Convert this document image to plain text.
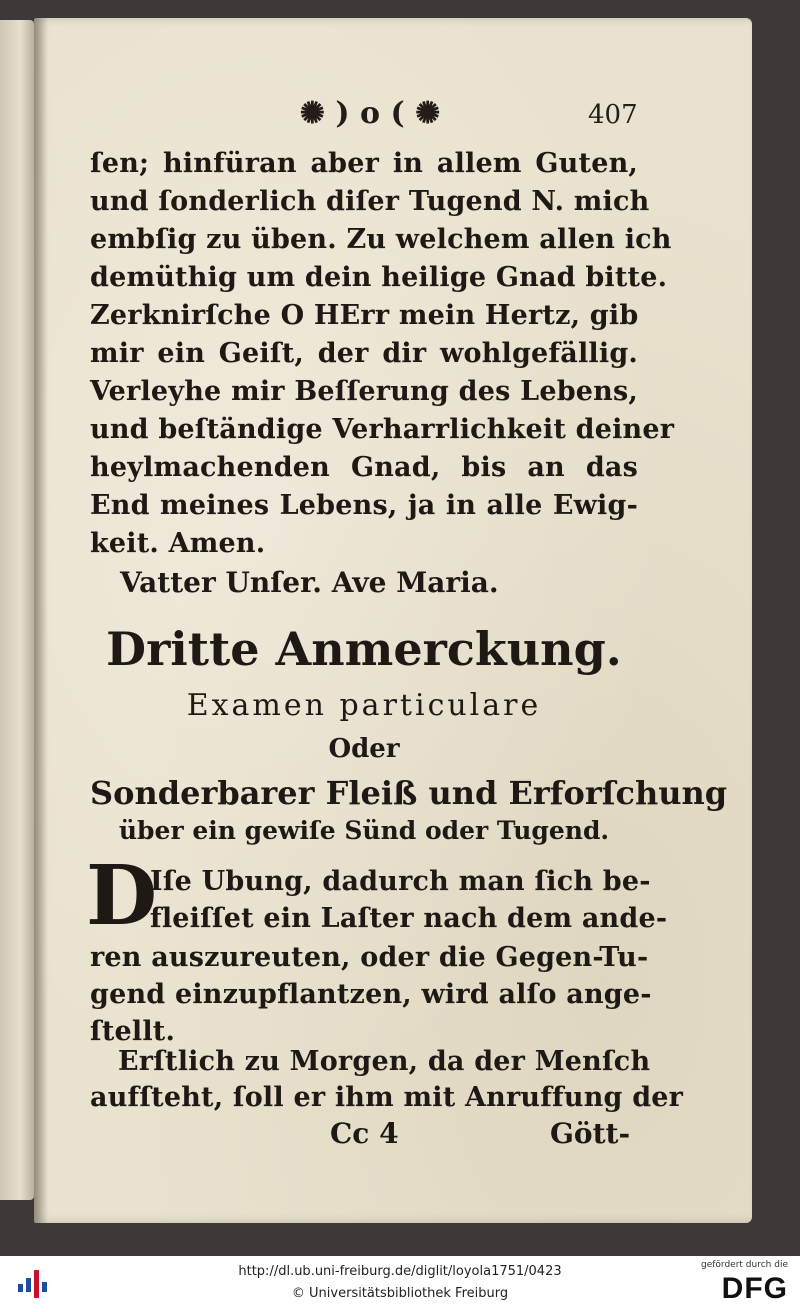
✺ ) o ( ✺	407
ſen; hinfüran aber in allem Guten,
und ſonderlich diſer Tugend N. mich
embſig zu üben. Zu welchem allen ich
demüthig um dein heilige Gnad bitte.
Zerknirſche O HErr mein Hertz, gib
mir ein Geiſt, der dir wohlgefällig.
Verleyhe mir Beſſerung des Lebens,
und beſtändige Verharrlichkeit deiner
heylmachenden Gnad, bis an das
End meines Lebens, ja in alle Ewig-
keit. Amen.
Vatter Unſer. Ave Maria.
Dritte Anmerckung.
Examen particulare
Oder
Sonderbarer Fleiß und Erforſchung
über ein gewiſe Sünd oder Tugend.
D
Iſe Ubung, dadurch man ſich be-
fleiſſet ein Laſter nach dem ande-
ren auszureuten, oder die Gegen-Tu-
gend einzupflantzen, wird alſo ange-
ſtellt.
Erſtlich zu Morgen, da der Menſch
aufſteht, ſoll er ihm mit Anruffung der
Cc 4	Gött-
http://dl.ub.uni-freiburg.de/diglit/loyola1751/0423
© Universitätsbibliothek Freiburg
gefördert durch die
DFG
